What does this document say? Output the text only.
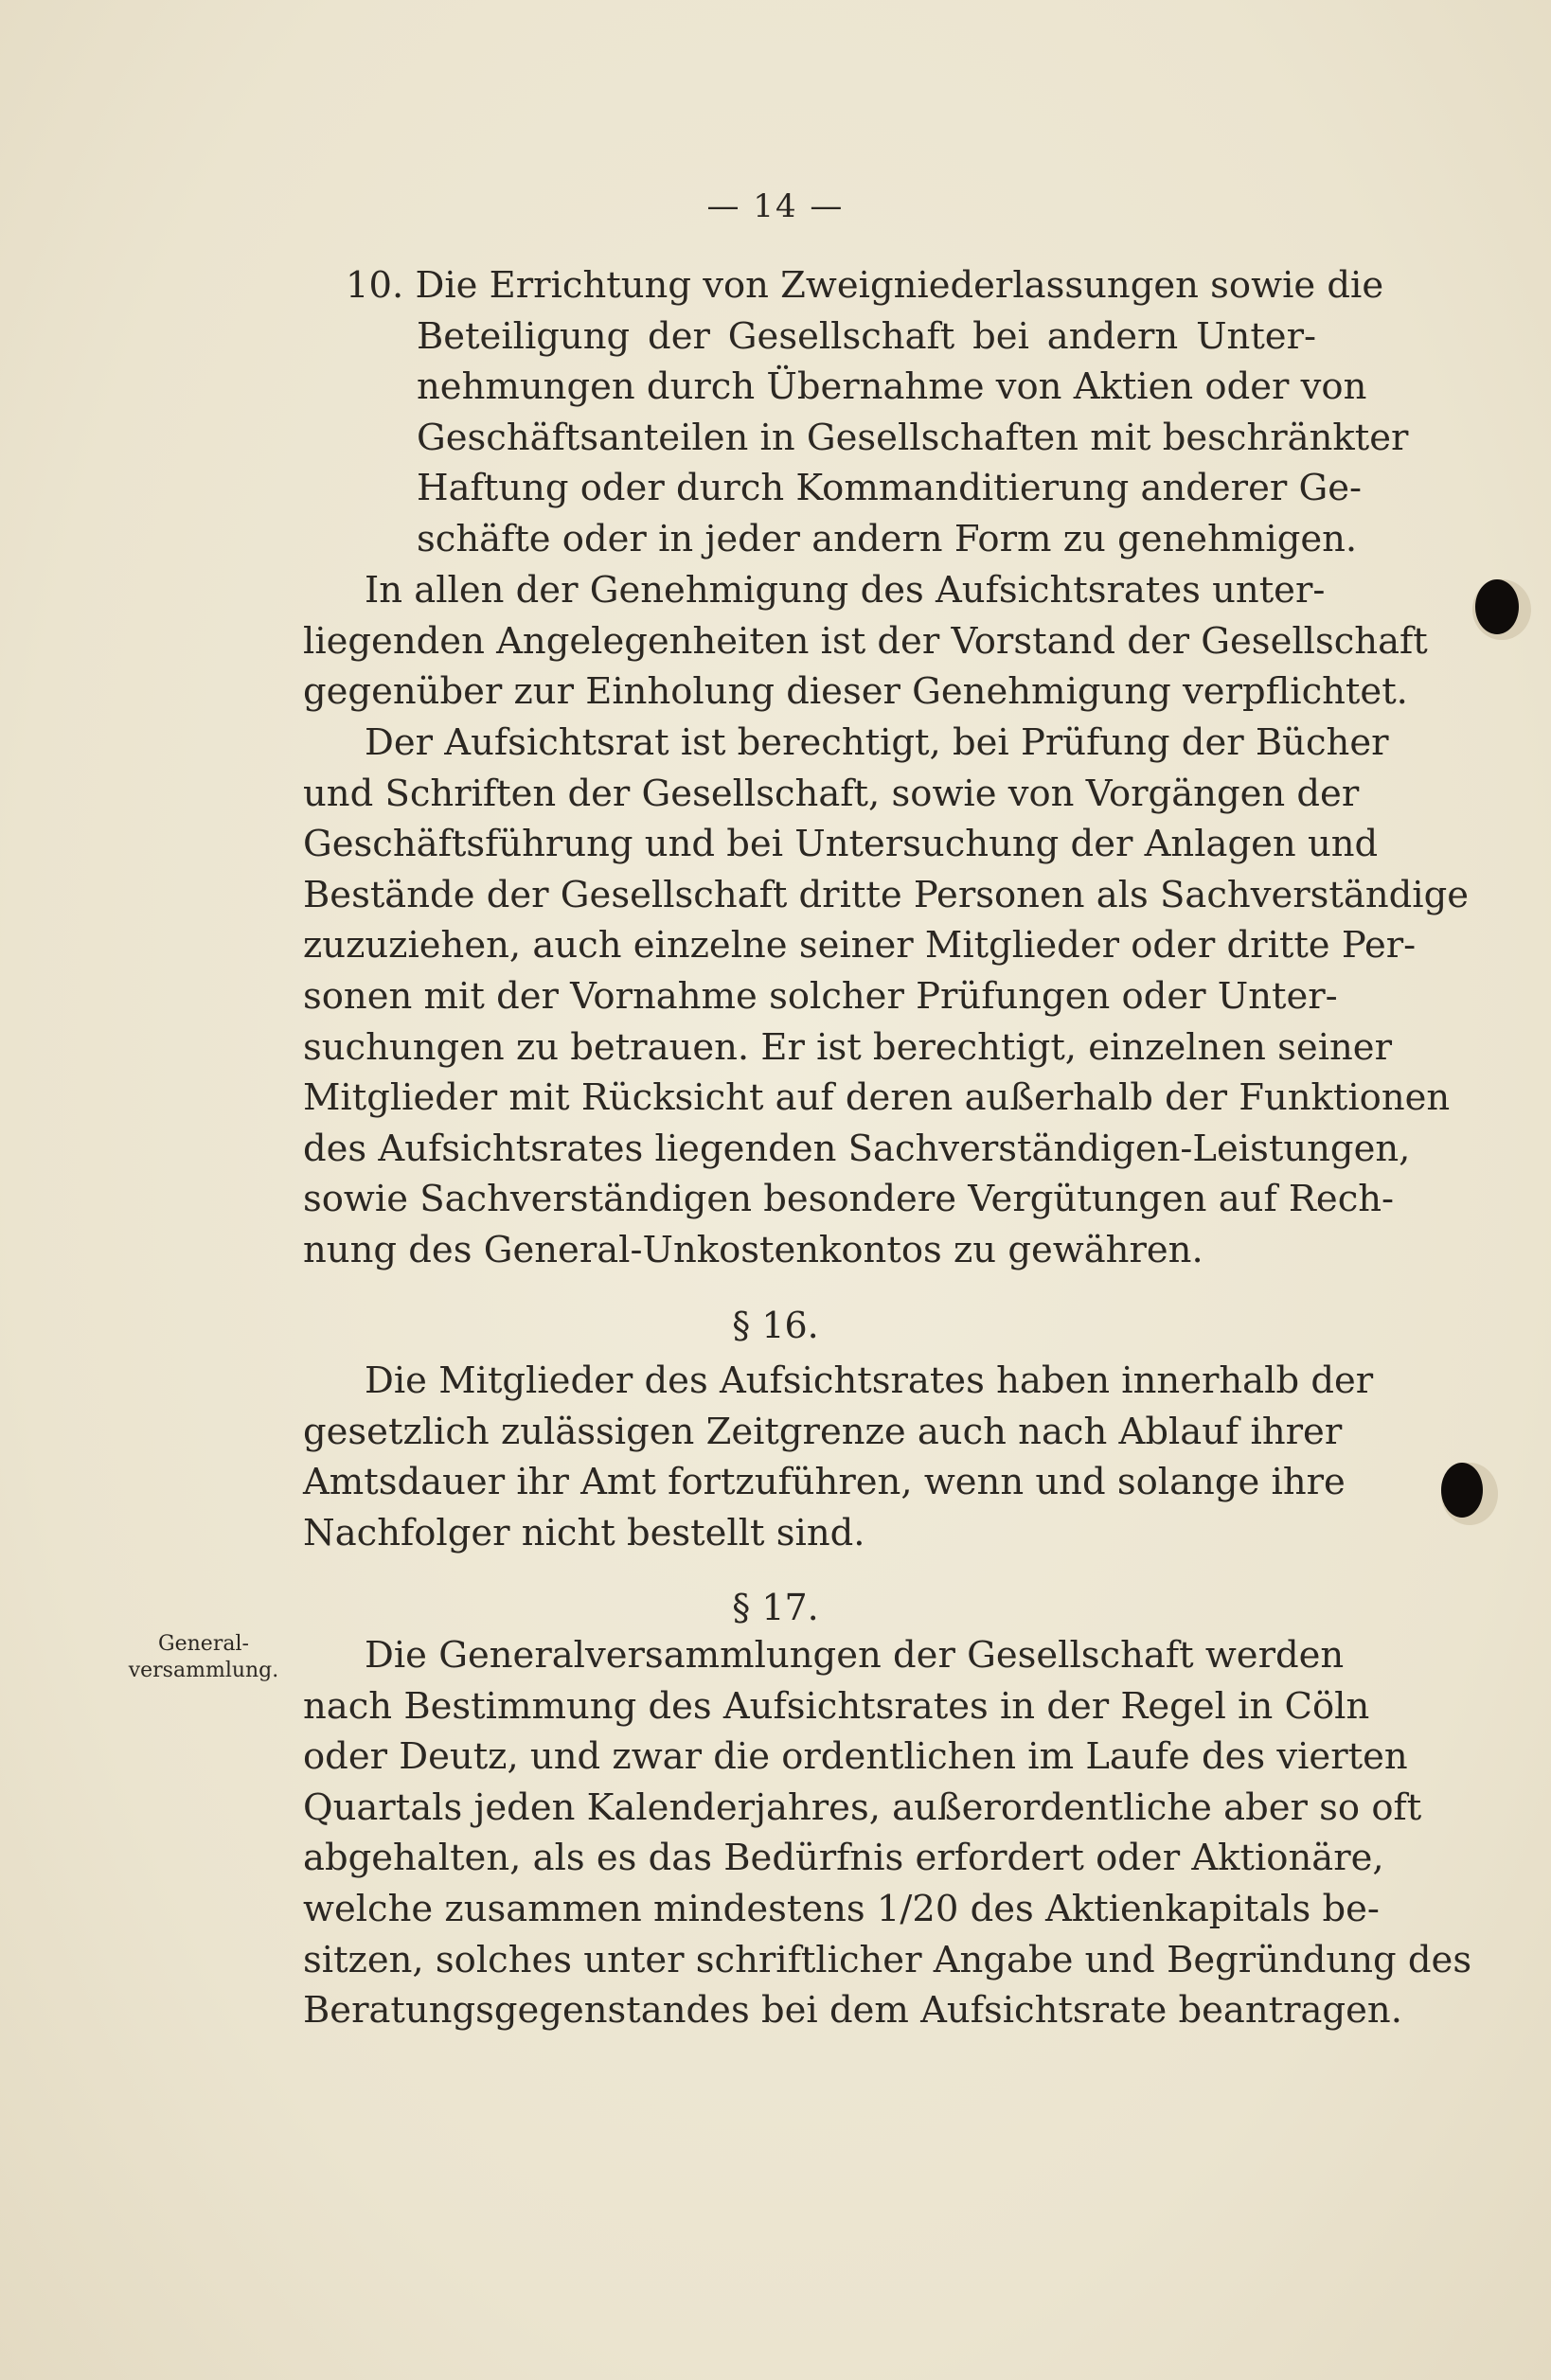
— 14 —
10. Die Errichtung von Zweigniederlassungen sowie die
Beteiligung der Gesellschaft bei andern Unter-
nehmungen durch Übernahme von Aktien oder von
Geschäftsanteilen in Gesellschaften mit beschränkter
Haftung oder durch Kommanditierung anderer Ge-
schäfte oder in jeder andern Form zu genehmigen.
In allen der Genehmigung des Aufsichtsrates unter-
liegenden Angelegenheiten ist der Vorstand der Gesellschaft
gegenüber zur Einholung dieser Genehmigung verpflichtet.
Der Aufsichtsrat ist berechtigt, bei Prüfung der Bücher
und Schriften der Gesellschaft, sowie von Vorgängen der
Geschäftsführung und bei Untersuchung der Anlagen und
Bestände der Gesellschaft dritte Personen als Sachverständige
zuzuziehen, auch einzelne seiner Mitglieder oder dritte Per-
sonen mit der Vornahme solcher Prüfungen oder Unter-
suchungen zu betrauen. Er ist berechtigt, einzelnen seiner
Mitglieder mit Rücksicht auf deren außerhalb der Funktionen
des Aufsichtsrates liegenden Sachverständigen-Leistungen,
sowie Sachverständigen besondere Vergütungen auf Rech-
nung des General-Unkostenkontos zu gewähren.
§ 16.
Die Mitglieder des Aufsichtsrates haben innerhalb der
gesetzlich zulässigen Zeitgrenze auch nach Ablauf ihrer
Amtsdauer ihr Amt fortzuführen, wenn und solange ihre
Nachfolger nicht bestellt sind.
§ 17.
General-
versammlung.	Die Generalversammlungen der Gesellschaft werden
nach Bestimmung des Aufsichtsrates in der Regel in Cöln
oder Deutz, und zwar die ordentlichen im Laufe des vierten
Quartals jeden Kalenderjahres, außerordentliche aber so oft
abgehalten, als es das Bedürfnis erfordert oder Aktionäre,
welche zusammen mindestens 1/20 des Aktienkapitals be-
sitzen, solches unter schriftlicher Angabe und Begründung des
Beratungsgegenstandes bei dem Aufsichtsrate beantragen.
